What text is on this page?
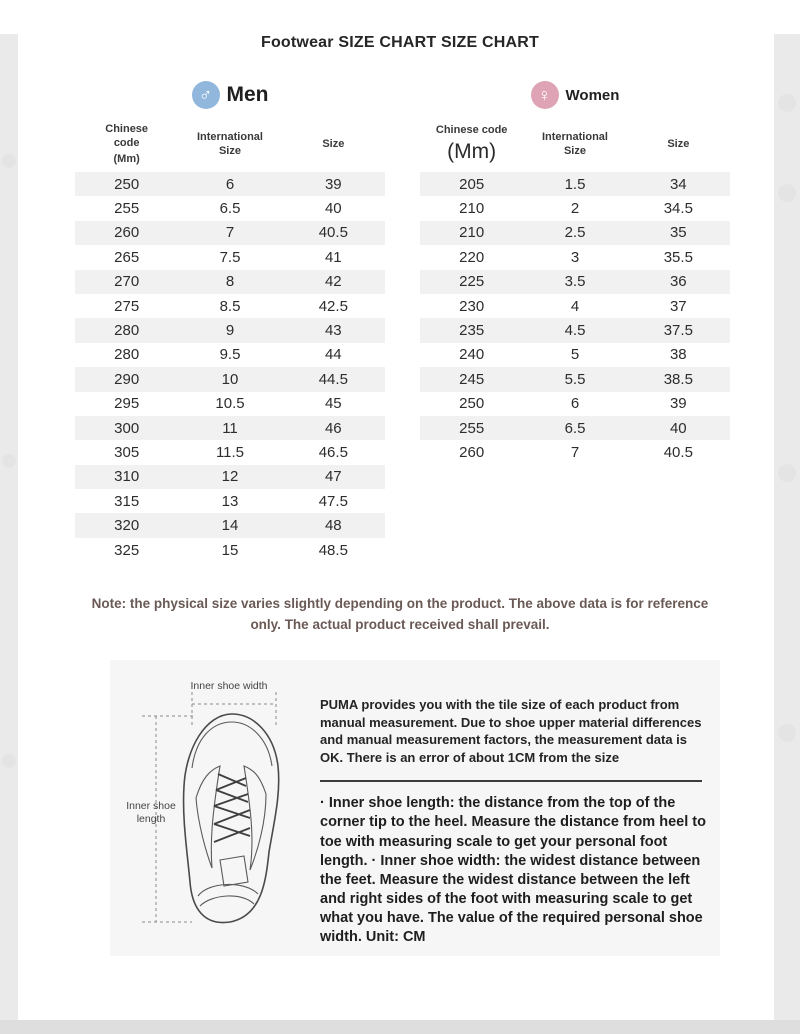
Footwear SIZE CHART SIZE CHART
♂ Men
Chinese code
(Mm)
International Size
Size
250	6	39
255	6.5	40
260	7	40.5
265	7.5	41
270	8	42
275	8.5	42.5
280	9	43
280	9.5	44
290	10	44.5
295	10.5	45
300	11	46
305	11.5	46.5
310	12	47
315	13	47.5
320	14	48
325	15	48.5
♀ Women
Chinese code
(Mm)
International Size
Size
205	1.5	34
210	2	34.5
210	2.5	35
220	3	35.5
225	3.5	36
230	4	37
235	4.5	37.5
240	5	38
245	5.5	38.5
250	6	39
255	6.5	40
260	7	40.5
Note: the physical size varies slightly depending on the product. The above data is for reference only. The actual product received shall prevail.
Inner shoe width
Inner shoe length

PUMA provides you with the tile size of each product from manual measurement. Due to shoe upper material differences and manual measurement factors, the measurement data is OK. There is an error of about 1CM from the size

· Inner shoe length: the distance from the top of the corner tip to the heel. Measure the distance from heel to toe with measuring scale to get your personal foot length. · Inner shoe width: the widest distance between the feet. Measure the widest distance between the left and right sides of the foot with measuring scale to get what you have. The value of the required personal shoe width. Unit: CM
